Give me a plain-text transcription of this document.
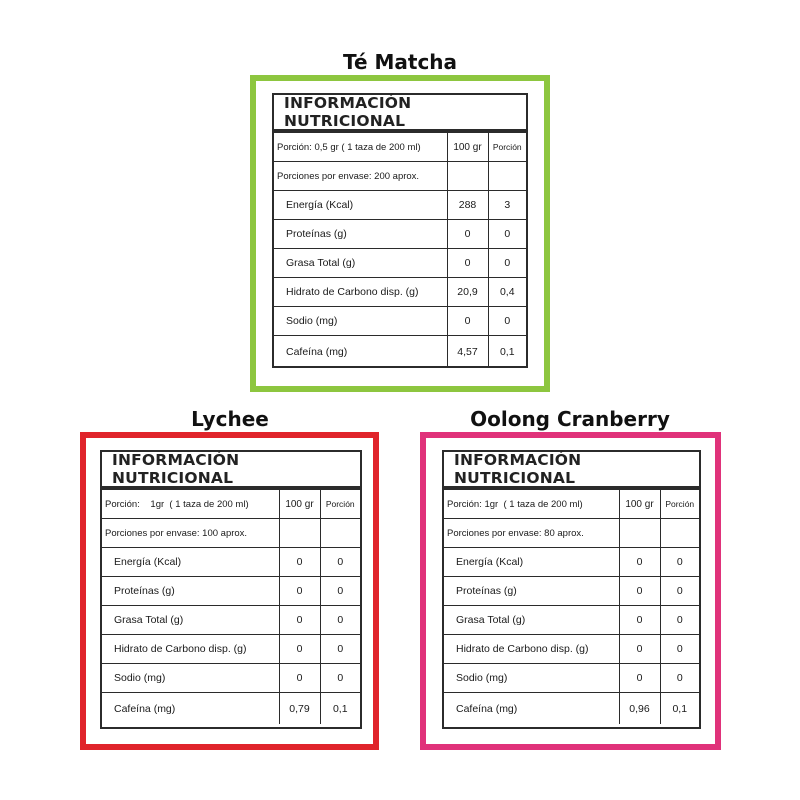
Té Matcha
INFORMACIÓN NUTRICIONAL
Porción: 0,5 gr ( 1 taza de 200 ml)	100 gr	Porción
Porciones por envase: 200 aprox.		
Energía (Kcal)	288	3
Proteínas (g)	0	0
Grasa Total (g)	0	0
Hidrato de Carbono disp. (g)	20,9	0,4
Sodio (mg)	0	0
Cafeína (mg)	4,57	0,1
Lychee
INFORMACIÓN NUTRICIONAL
Porción:    1gr  ( 1 taza de 200 ml)	100 gr	Porción
Porciones por envase: 100 aprox.		
Energía (Kcal)	0	0
Proteínas (g)	0	0
Grasa Total (g)	0	0
Hidrato de Carbono disp. (g)	0	0
Sodio (mg)	0	0
Cafeína (mg)	0,79	0,1
Oolong Cranberry
INFORMACIÓN NUTRICIONAL
Porción: 1gr  ( 1 taza de 200 ml)	100 gr	Porción
Porciones por envase: 80 aprox.		
Energía (Kcal)	0	0
Proteínas (g)	0	0
Grasa Total (g)	0	0
Hidrato de Carbono disp. (g)	0	0
Sodio (mg)	0	0
Cafeína (mg)	0,96	0,1
